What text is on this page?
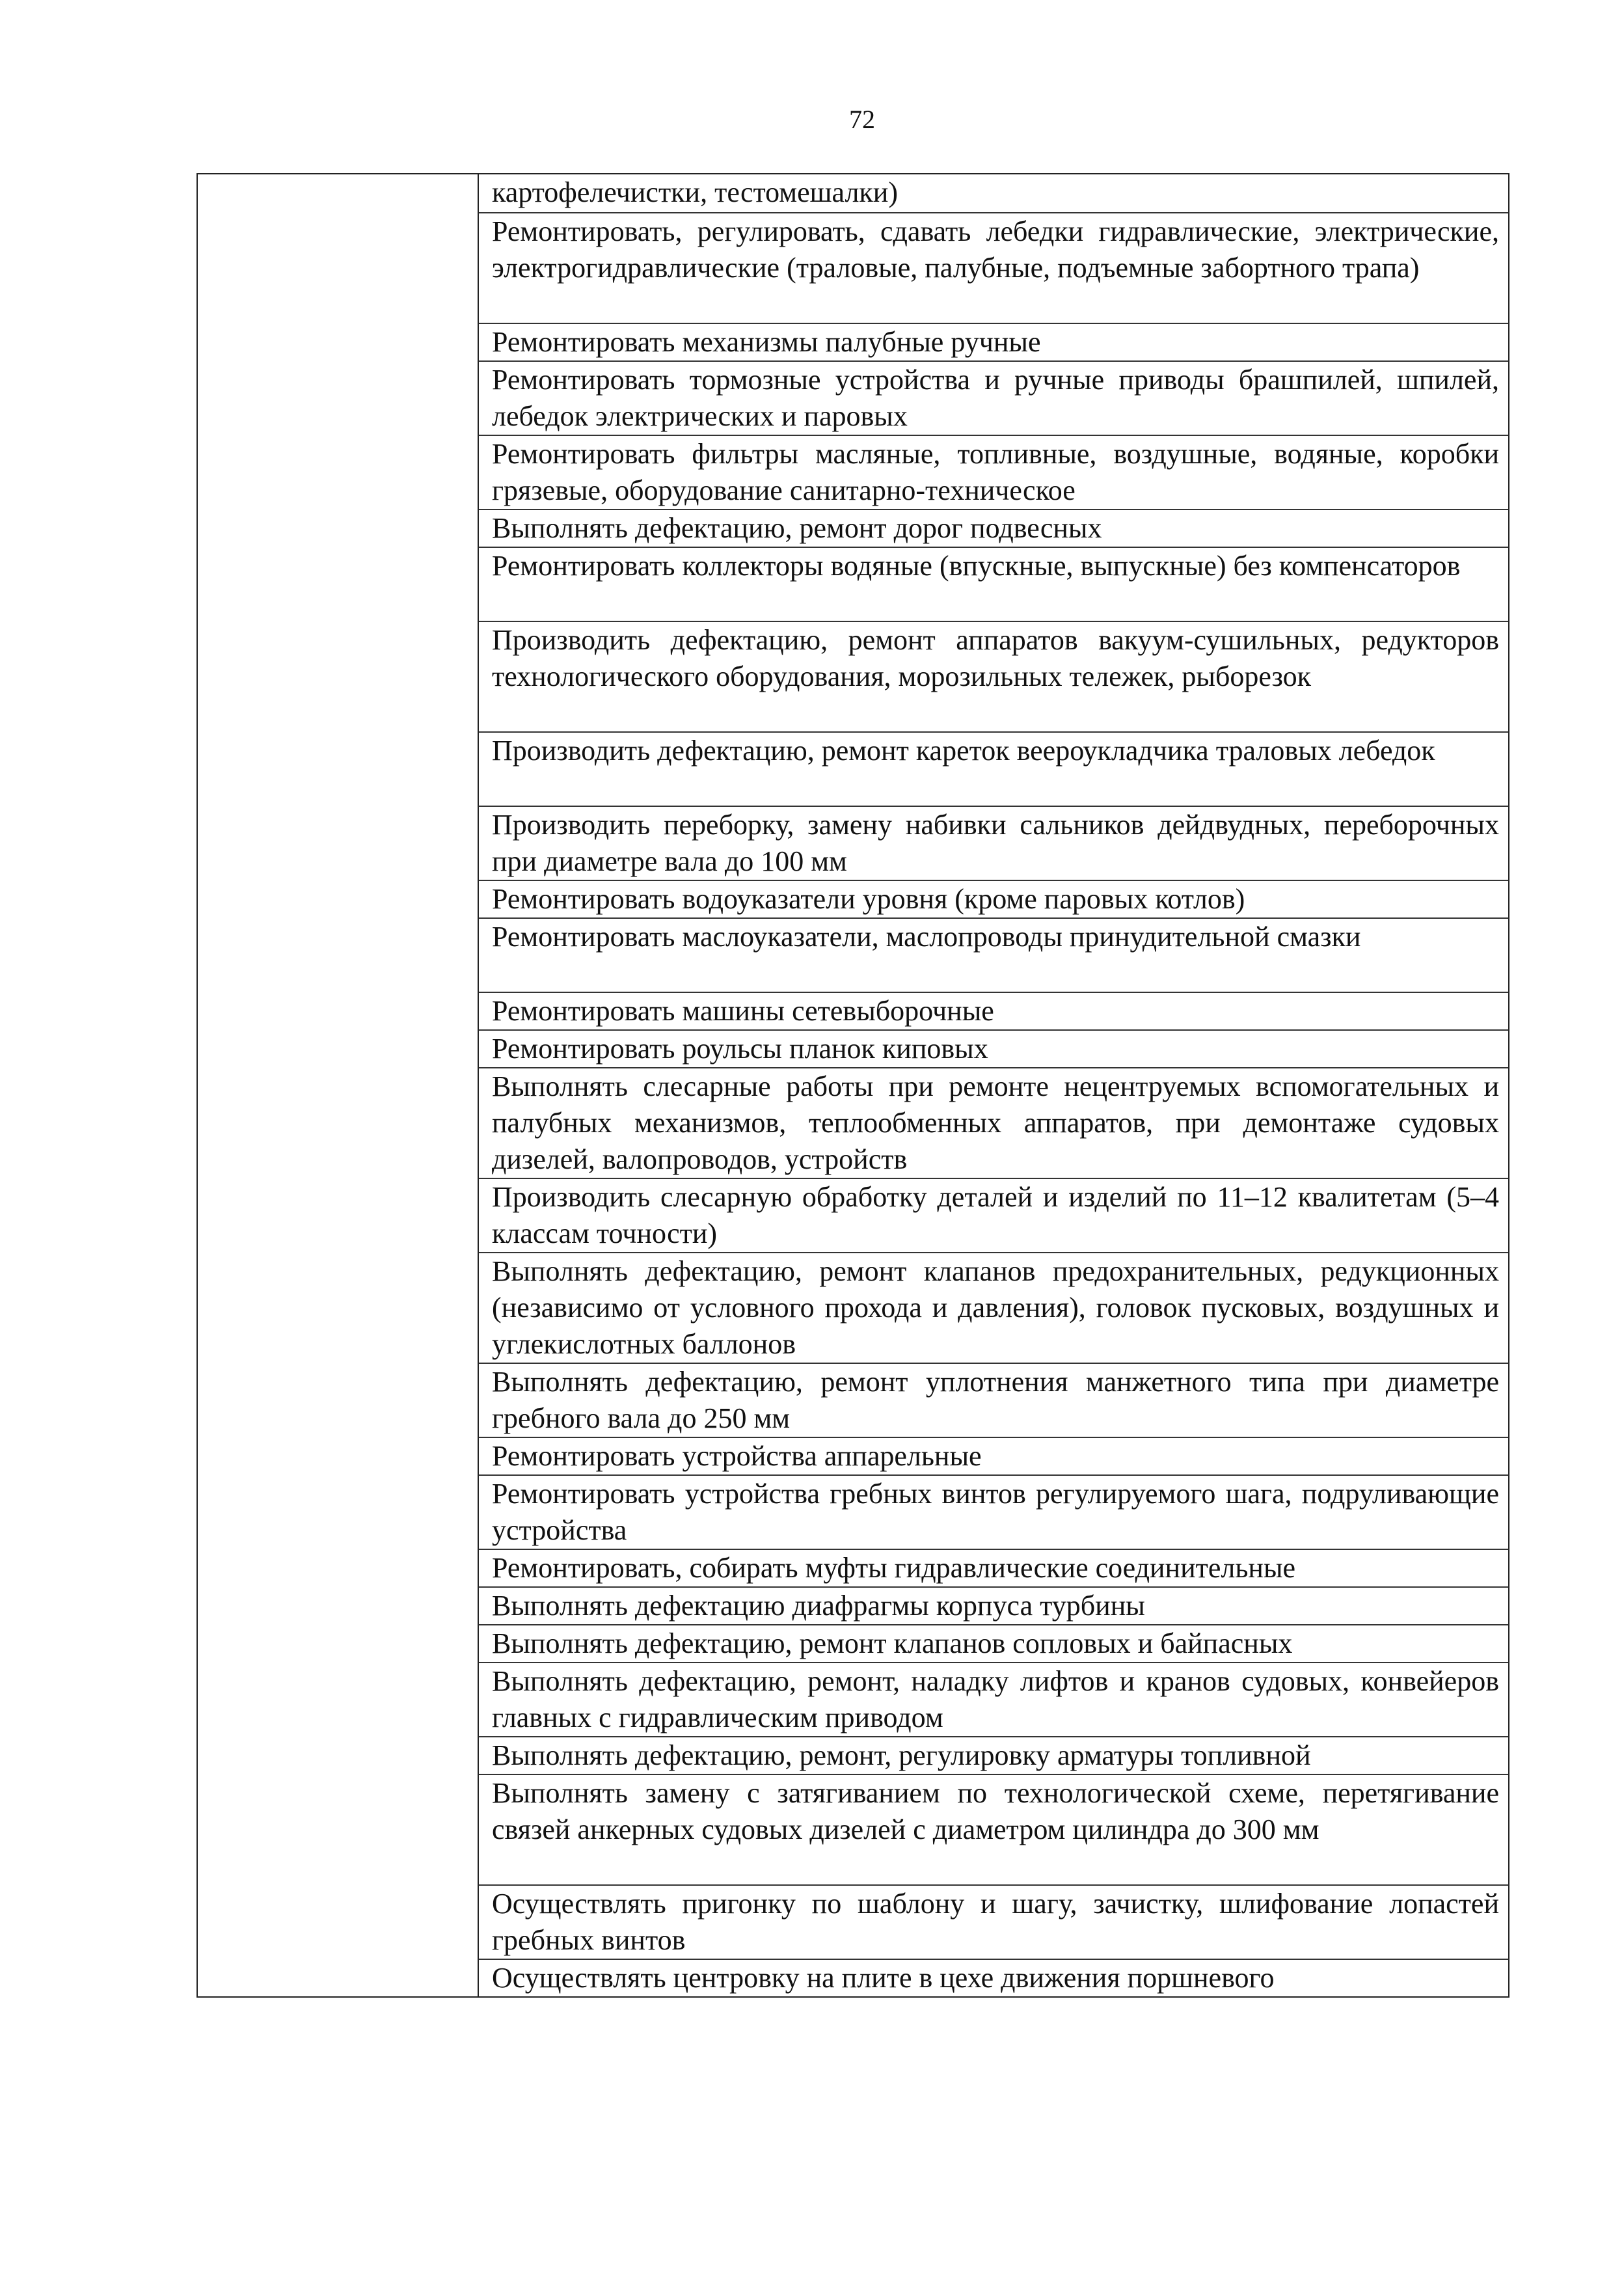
72

картофелечистки, тестомешалки)
Ремонтировать, регулировать, сдавать лебедки гидравлические, электрические, электрогидравлические (траловые, палубные, подъемные забортного трапа)
Ремонтировать механизмы палубные ручные
Ремонтировать тормозные устройства и ручные приводы брашпилей, шпилей, лебедок электрических и паровых
Ремонтировать фильтры масляные, топливные, воздушные, водяные, коробки грязевые, оборудование санитарно-техническое
Выполнять дефектацию, ремонт дорог подвесных
Ремонтировать коллекторы водяные (впускные, выпускные) без компенсаторов
Производить дефектацию, ремонт аппаратов вакуум-сушильных, редукторов технологического оборудования, морозильных тележек, рыборезок
Производить дефектацию, ремонт кареток веероукладчика траловых лебедок
Производить переборку, замену набивки сальников дейдвудных, переборочных при диаметре вала до 100 мм
Ремонтировать водоуказатели уровня (кроме паровых котлов)
Ремонтировать маслоуказатели, маслопроводы принудительной смазки
Ремонтировать машины сетевыборочные
Ремонтировать роульсы планок киповых
Выполнять слесарные работы при ремонте нецентруемых вспомогательных и палубных механизмов, теплообменных аппаратов, при демонтаже судовых дизелей, валопроводов, устройств
Производить слесарную обработку деталей и изделий по 11–12 квалитетам (5–4 классам точности)
Выполнять дефектацию, ремонт клапанов предохранительных, редукционных (независимо от условного прохода и давления), головок пусковых, воздушных и углекислотных баллонов
Выполнять дефектацию, ремонт уплотнения манжетного типа при диаметре гребного вала до 250 мм
Ремонтировать устройства аппарельные
Ремонтировать устройства гребных винтов регулируемого шага, подруливающие устройства
Ремонтировать, собирать муфты гидравлические соединительные
Выполнять дефектацию диафрагмы корпуса турбины
Выполнять дефектацию, ремонт клапанов сопловых и байпасных
Выполнять дефектацию, ремонт, наладку лифтов и кранов судовых, конвейеров главных с гидравлическим приводом
Выполнять дефектацию, ремонт, регулировку арматуры топливной
Выполнять замену с затягиванием по технологической схеме, перетягивание связей анкерных судовых дизелей с диаметром цилиндра до 300 мм
Осуществлять пригонку по шаблону и шагу, зачистку, шлифование лопастей гребных винтов
Осуществлять центровку на плите в цехе движения поршневого
